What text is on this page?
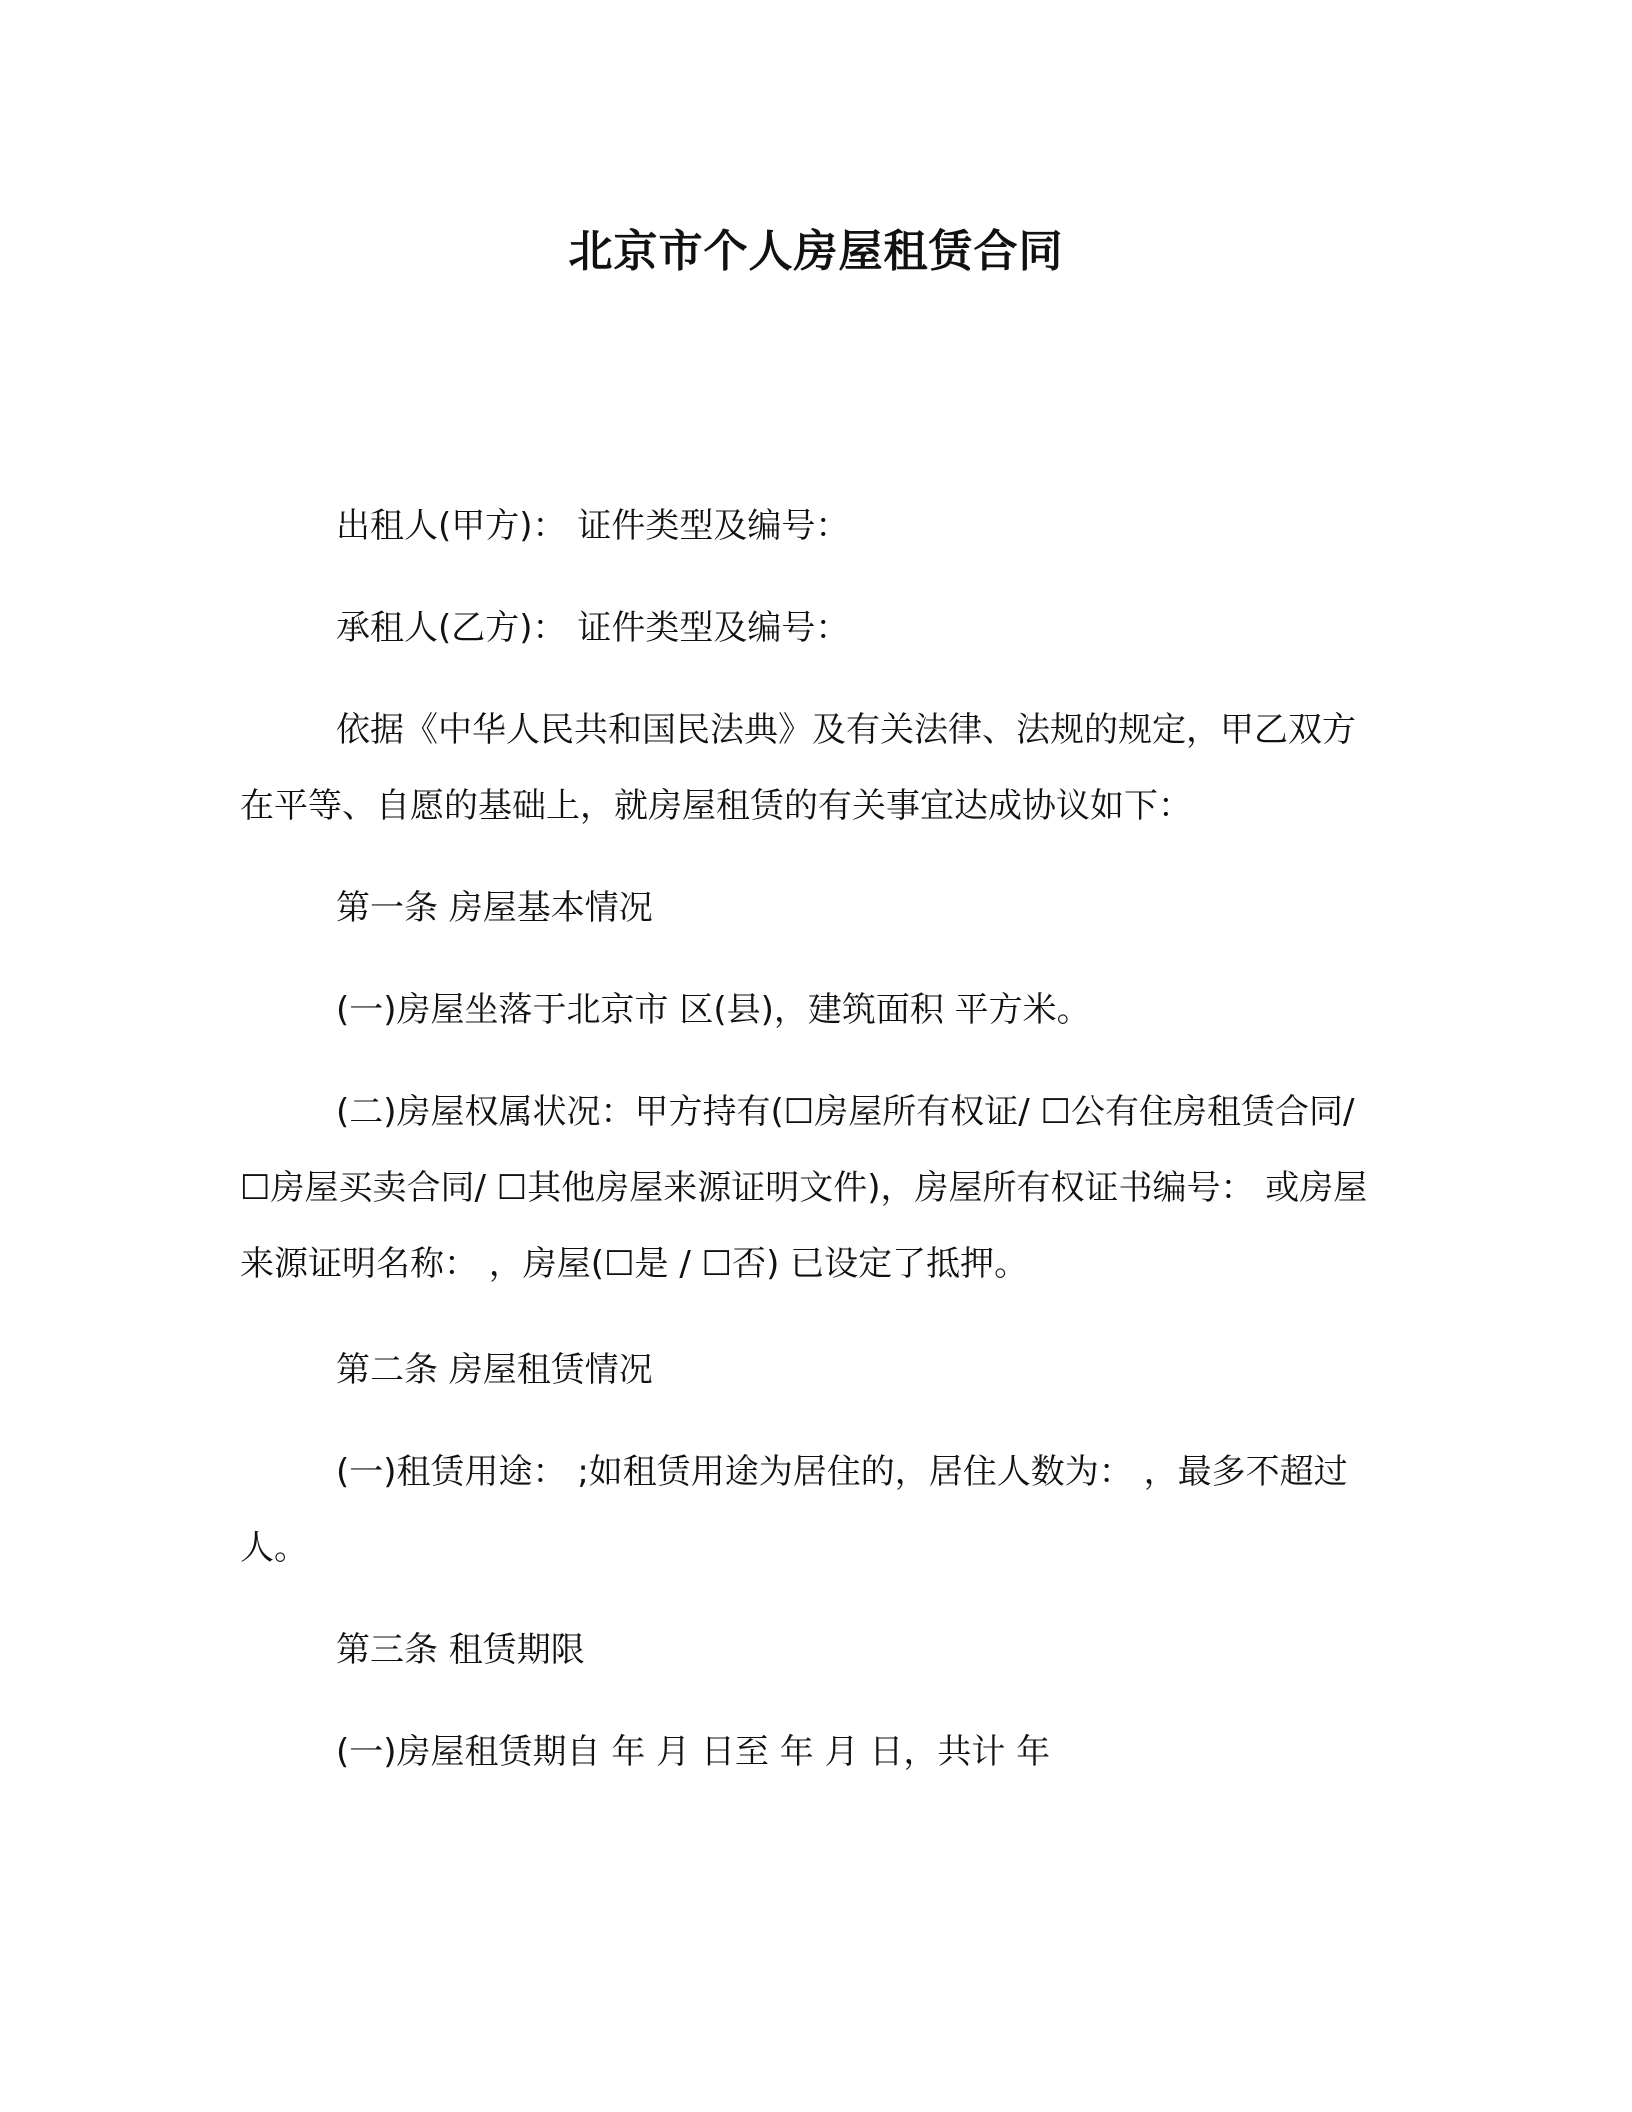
北京市个人房屋租赁合同

出租人(甲方)： 证件类型及编号：

承租人(乙方)： 证件类型及编号：

依据《中华人民共和国民法典》及有关法律、法规的规定，甲乙双方在平等、自愿的基础上，就房屋租赁的有关事宜达成协议如下：

第一条 房屋基本情况

(一)房屋坐落于北京市 区(县)，建筑面积 平方米。

(二)房屋权属状况：甲方持有(☐房屋所有权证/ ☐公有住房租赁合同/ ☐房屋买卖合同/ ☐其他房屋来源证明文件)，房屋所有权证书编号： 或房屋来源证明名称： ，房屋(☐是 / ☐否) 已设定了抵押。

第二条 房屋租赁情况

(一)租赁用途： ;如租赁用途为居住的，居住人数为： ，最多不超过 人。

第三条 租赁期限

(一)房屋租赁期自 年 月 日至 年 月 日，共计 年
